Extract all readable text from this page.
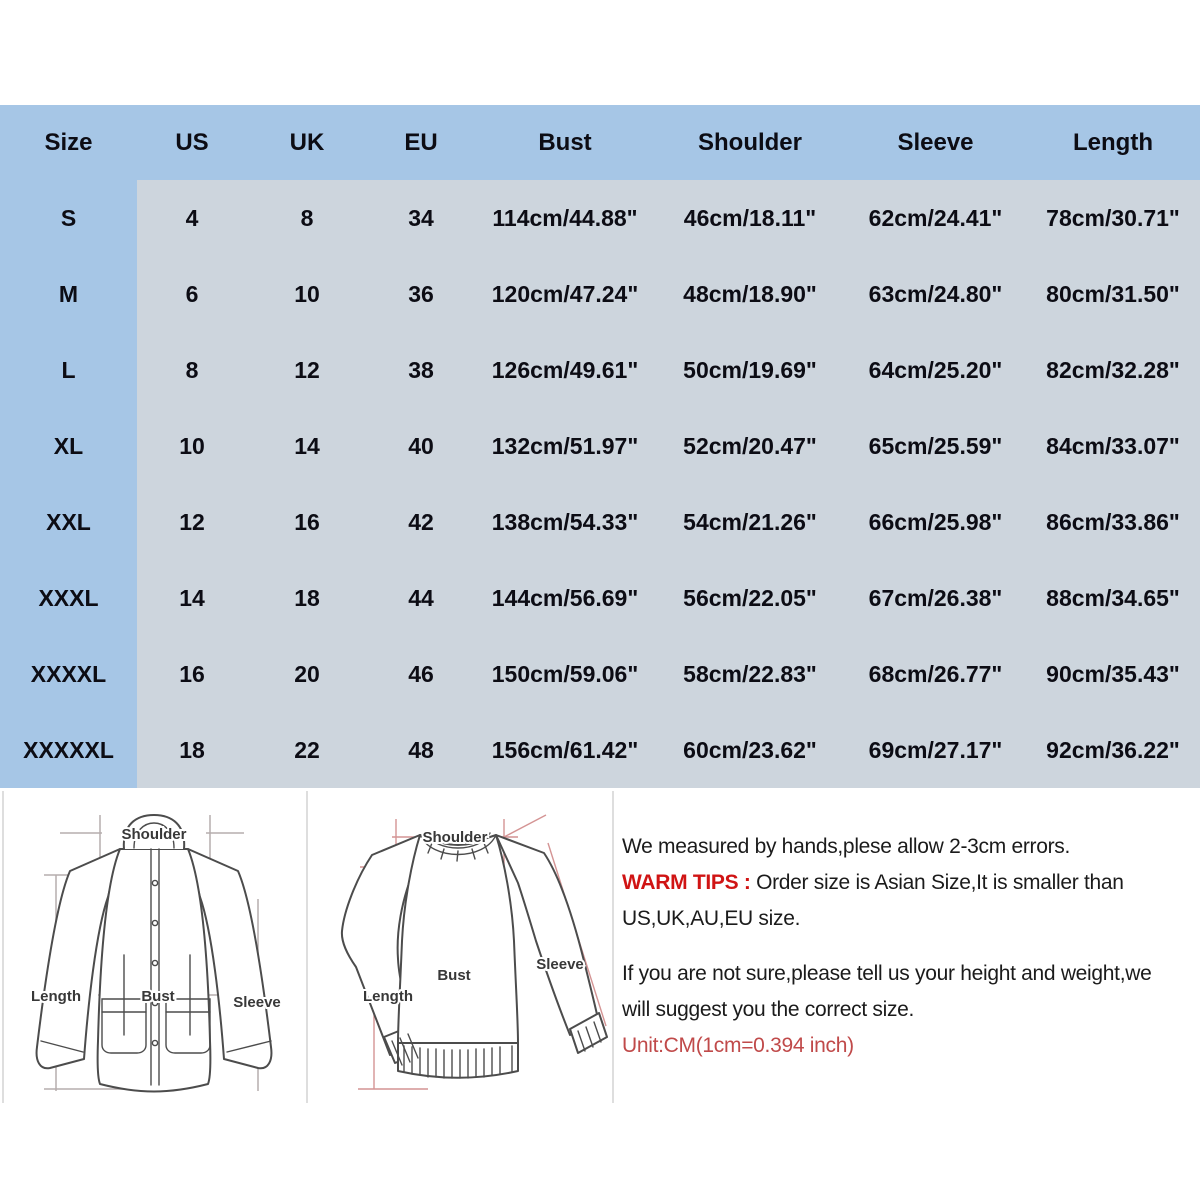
Size	US	UK	EU	Bust	Shoulder	Sleeve	Length
S	4	8	34	114cm/44.88"	46cm/18.11"	62cm/24.41"	78cm/30.71"
M	6	10	36	120cm/47.24"	48cm/18.90"	63cm/24.80"	80cm/31.50"
L	8	12	38	126cm/49.61"	50cm/19.69"	64cm/25.20"	82cm/32.28"
XL	10	14	40	132cm/51.97"	52cm/20.47"	65cm/25.59"	84cm/33.07"
XXL	12	16	42	138cm/54.33"	54cm/21.26"	66cm/25.98"	86cm/33.86"
XXXL	14	18	44	144cm/56.69"	56cm/22.05"	67cm/26.38"	88cm/34.65"
XXXXL	16	20	46	150cm/59.06"	58cm/22.83"	68cm/26.77"	90cm/35.43"
XXXXXL	18	22	48	156cm/61.42"	60cm/23.62"	69cm/27.17"	92cm/36.22"
Shoulder
Length	Bust	Sleeve
Shoulder
Length
Bust
Sleeve

We measured by hands,plese allow 2-3cm errors.

WARM TIPS : Order size is Asian Size,It is smaller than

US,UK,AU,EU size.

If you are not sure,please tell us your height and weight,we

will suggest you the correct size.

Unit:CM(1cm=0.394 inch)
